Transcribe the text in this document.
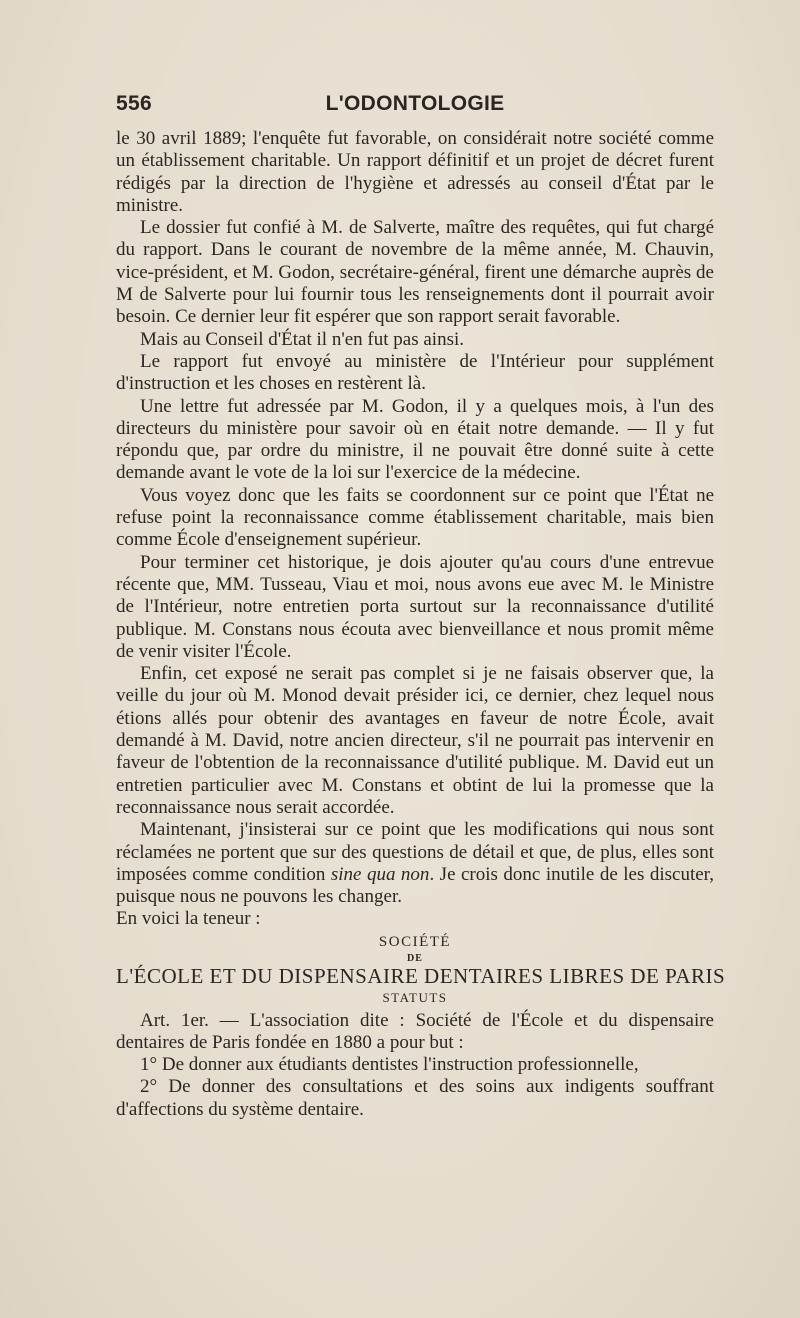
556	L'ODONTOLOGIE

le 30 avril 1889; l'enquête fut favorable, on considérait notre société comme un établissement charitable. Un rapport définitif et un projet de décret furent rédigés par la direction de l'hygiène et adressés au conseil d'État par le ministre.

Le dossier fut confié à M. de Salverte, maître des requêtes, qui fut chargé du rapport. Dans le courant de novembre de la même année, M. Chauvin, vice-président, et M. Godon, secrétaire-général, firent une démarche auprès de M de Salverte pour lui fournir tous les renseignements dont il pourrait avoir besoin. Ce dernier leur fit espérer que son rapport serait favorable.

Mais au Conseil d'État il n'en fut pas ainsi.

Le rapport fut envoyé au ministère de l'Intérieur pour supplément d'instruction et les choses en restèrent là.

Une lettre fut adressée par M. Godon, il y a quelques mois, à l'un des directeurs du ministère pour savoir où en était notre demande. — Il y fut répondu que, par ordre du ministre, il ne pouvait être donné suite à cette demande avant le vote de la loi sur l'exercice de la médecine.

Vous voyez donc que les faits se coordonnent sur ce point que l'État ne refuse point la reconnaissance comme établissement charitable, mais bien comme École d'enseignement supérieur.

Pour terminer cet historique, je dois ajouter qu'au cours d'une entrevue récente que, MM. Tusseau, Viau et moi, nous avons eue avec M. le Ministre de l'Intérieur, notre entretien porta surtout sur la reconnaissance d'utilité publique. M. Constans nous écouta avec bienveillance et nous promit même de venir visiter l'École.

Enfin, cet exposé ne serait pas complet si je ne faisais observer que, la veille du jour où M. Monod devait présider ici, ce dernier, chez lequel nous étions allés pour obtenir des avantages en faveur de notre École, avait demandé à M. David, notre ancien directeur, s'il ne pourrait pas intervenir en faveur de l'obtention de la reconnaissance d'utilité publique. M. David eut un entretien particulier avec M. Constans et obtint de lui la promesse que la reconnaissance nous serait accordée.

Maintenant, j'insisterai sur ce point que les modifications qui nous sont réclamées ne portent que sur des questions de détail et que, de plus, elles sont imposées comme condition sine qua non. Je crois donc inutile de les discuter, puisque nous ne pouvons les changer.

En voici la teneur :

SOCIÉTÉ

DE

L'ÉCOLE ET DU DISPENSAIRE DENTAIRES LIBRES DE PARIS

STATUTS

Art. 1er. — L'association dite : Société de l'École et du dispensaire dentaires de Paris fondée en 1880 a pour but :

1° De donner aux étudiants dentistes l'instruction professionnelle,

2° De donner des consultations et des soins aux indigents souffrant d'affections du système dentaire.
